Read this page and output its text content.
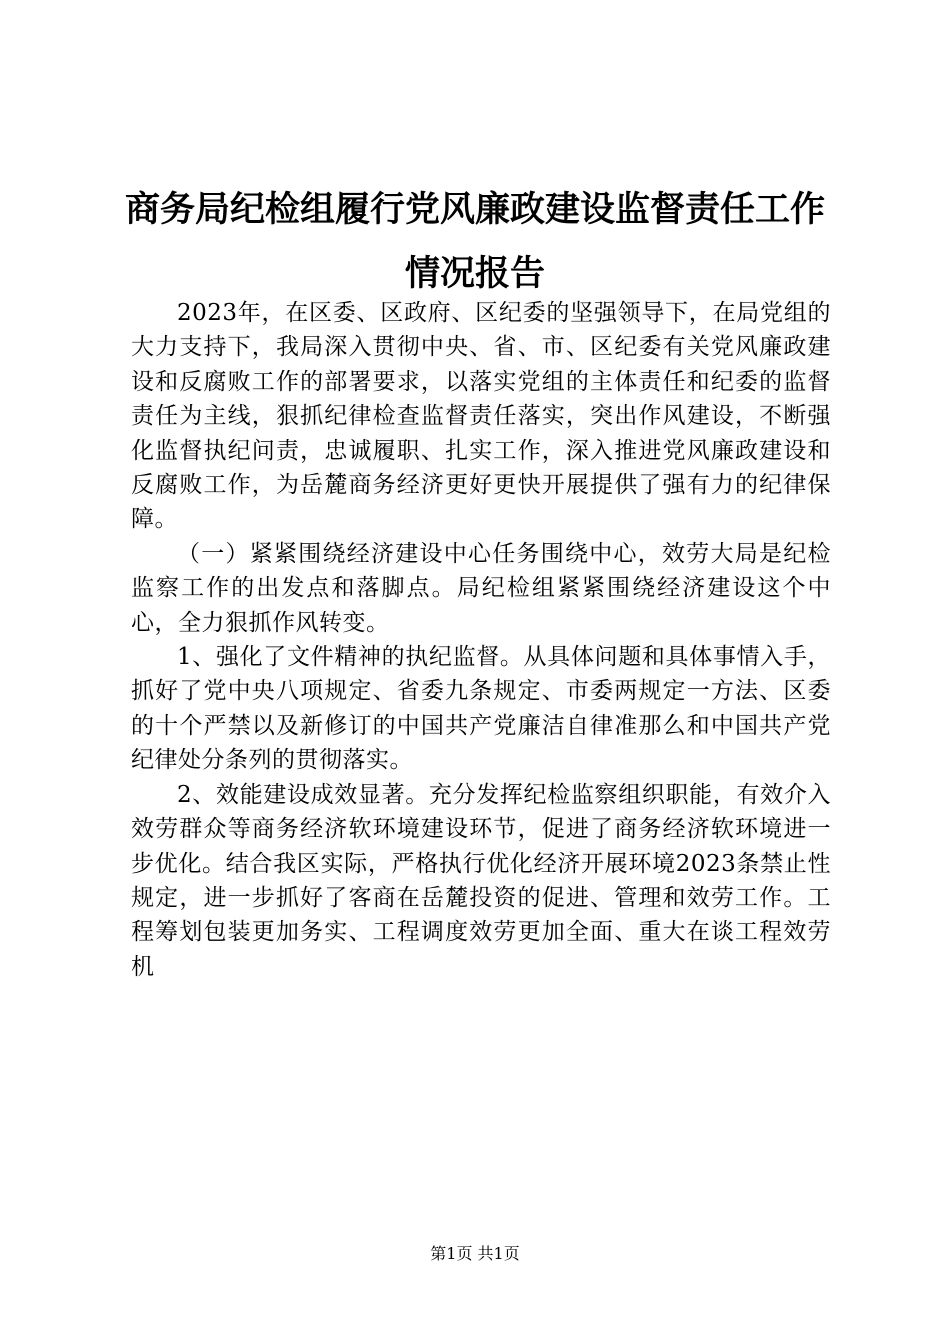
商务局纪检组履行党风廉政建设监督责任工作情况报告

2023年，在区委、区政府、区纪委的坚强领导下，在局党组的大力支持下，我局深入贯彻中央、省、市、区纪委有关党风廉政建设和反腐败工作的部署要求，以落实党组的主体责任和纪委的监督责任为主线，狠抓纪律检查监督责任落实，突出作风建设，不断强化监督执纪问责，忠诚履职、扎实工作，深入推进党风廉政建设和反腐败工作，为岳麓商务经济更好更快开展提供了强有力的纪律保障。

（一）紧紧围绕经济建设中心任务围绕中心，效劳大局是纪检监察工作的出发点和落脚点。局纪检组紧紧围绕经济建设这个中心，全力狠抓作风转变。

1、强化了文件精神的执纪监督。从具体问题和具体事情入手，抓好了党中央八项规定、省委九条规定、市委两规定一方法、区委的十个严禁以及新修订的中国共产党廉洁自律准那么和中国共产党纪律处分条列的贯彻落实。

2、效能建设成效显著。充分发挥纪检监察组织职能，有效介入效劳群众等商务经济软环境建设环节，促进了商务经济软环境进一步优化。结合我区实际，严格执行优化经济开展环境2023条禁止性规定，进一步抓好了客商在岳麓投资的促进、管理和效劳工作。工程筹划包装更加务实、工程调度效劳更加全面、重大在谈工程效劳机

第1页 共1页
